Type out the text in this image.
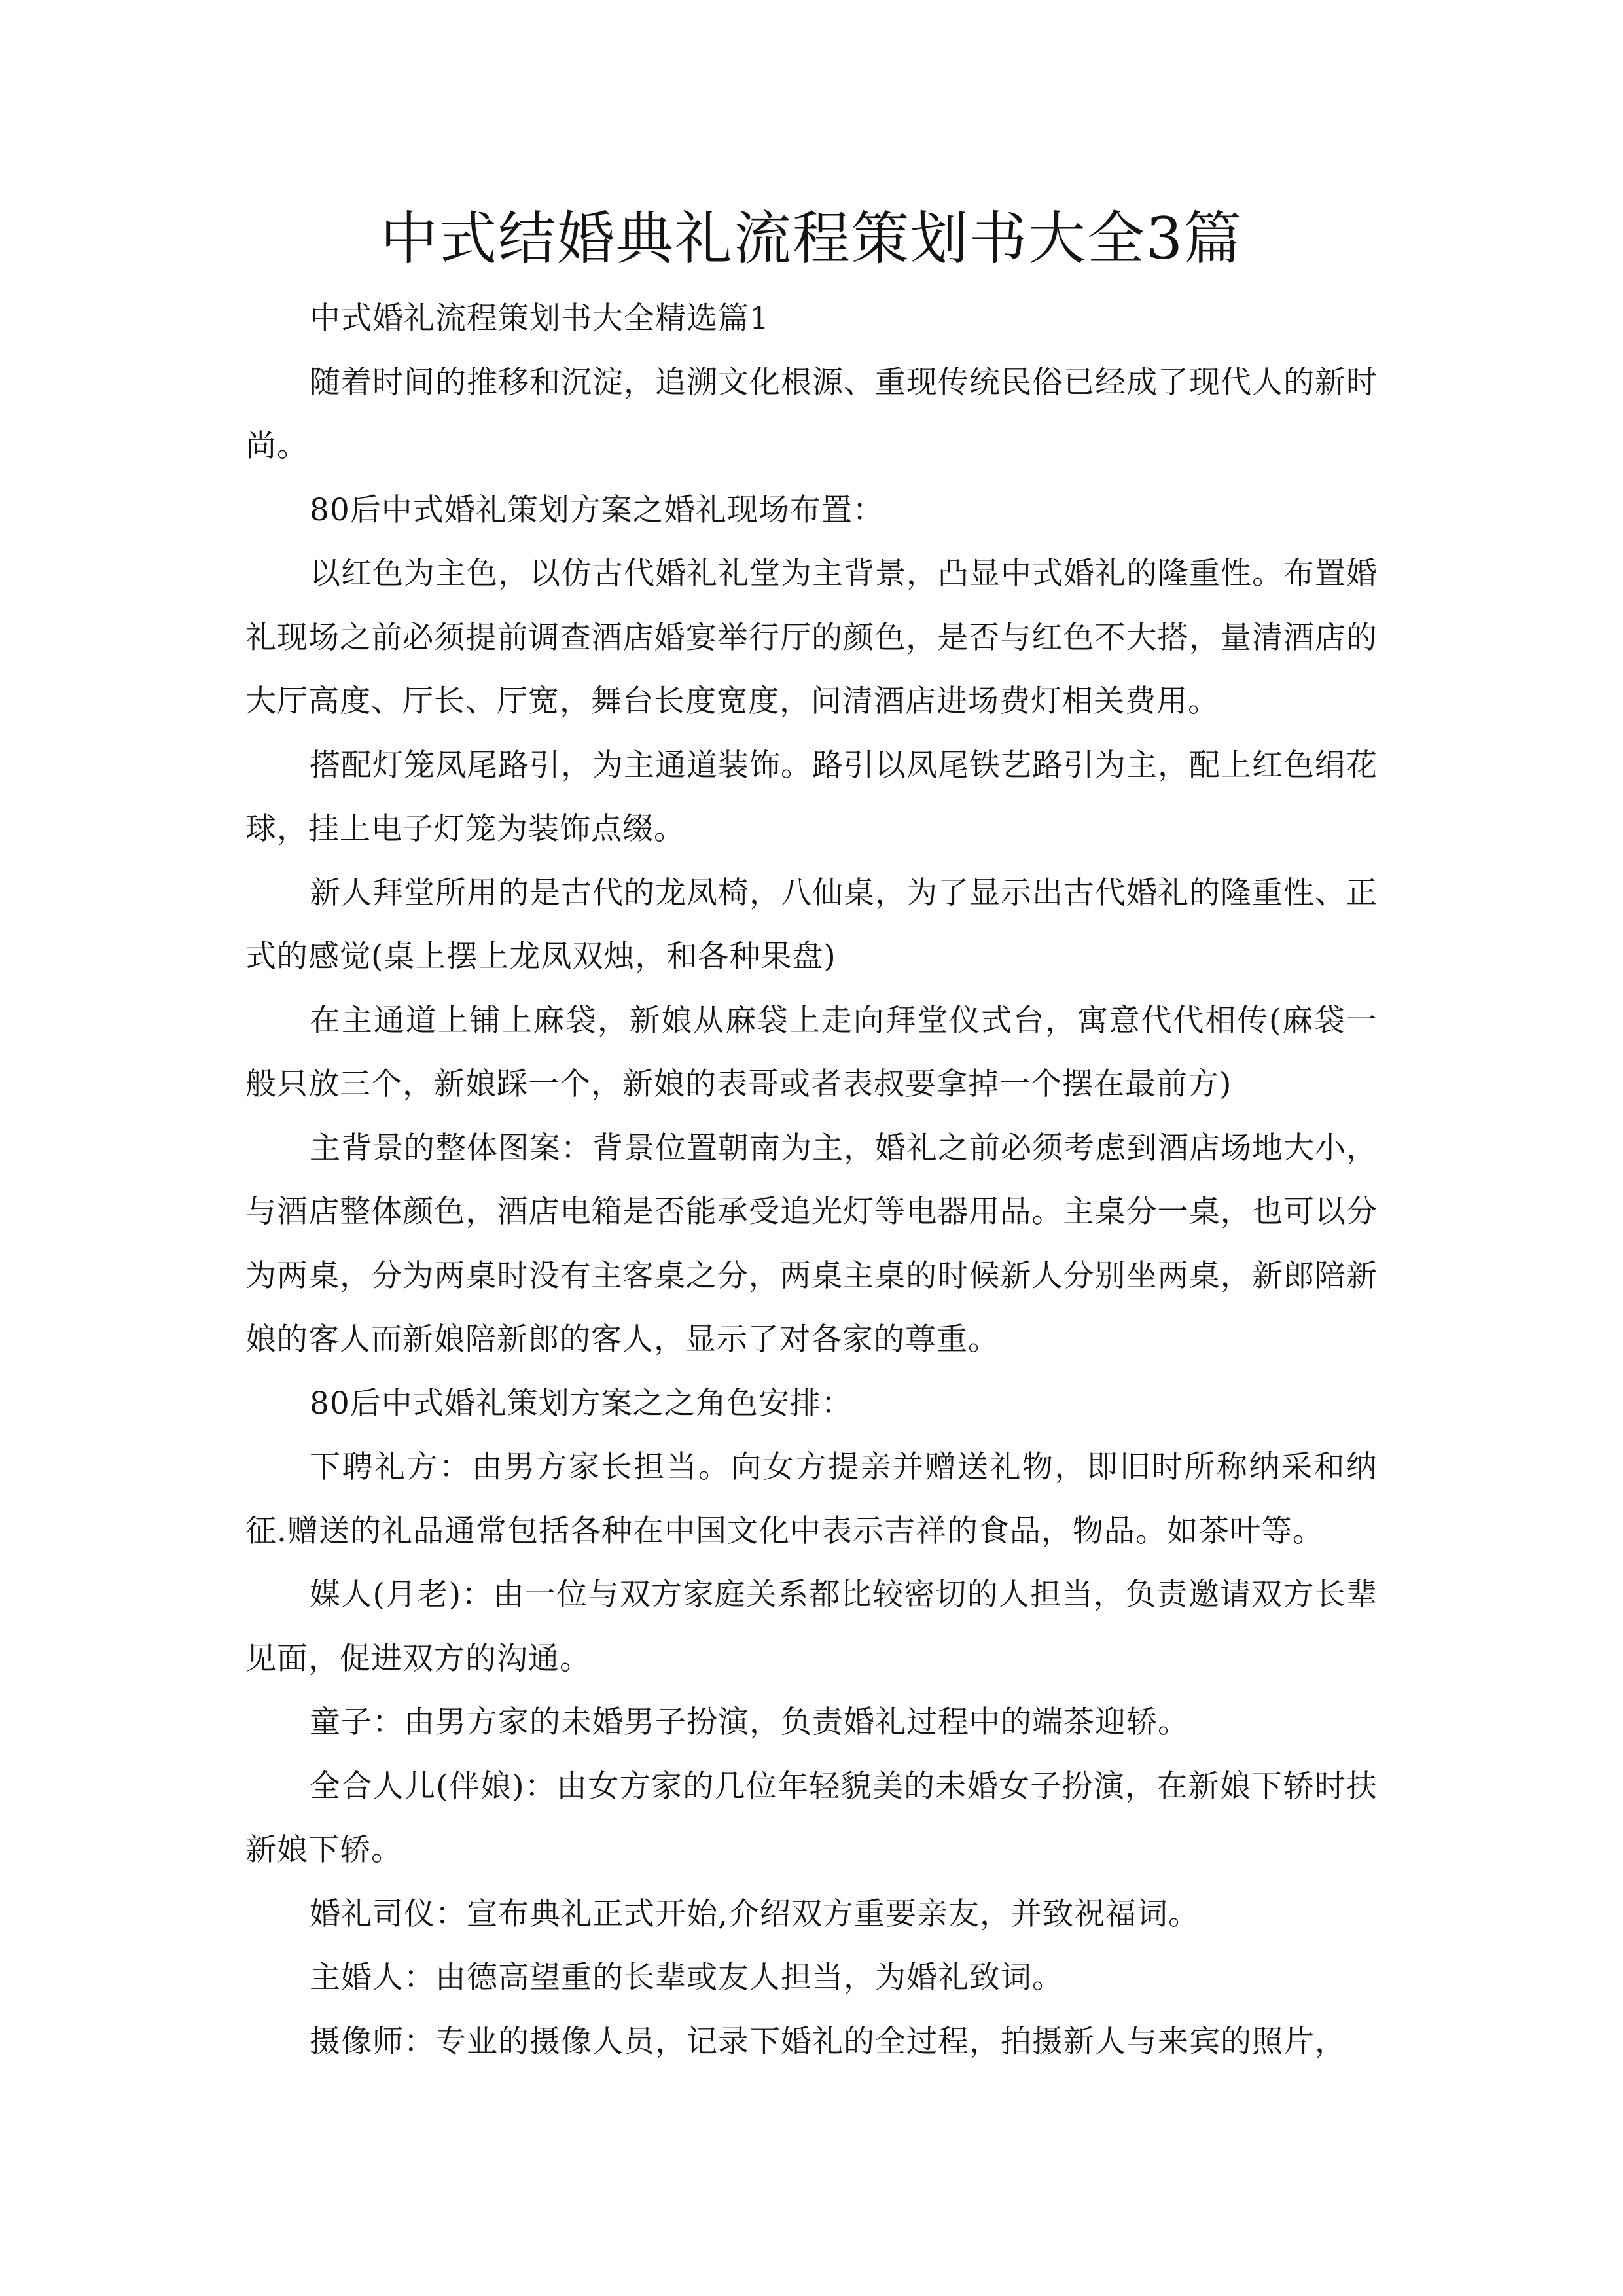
中式结婚典礼流程策划书大全3篇

中式婚礼流程策划书大全精选篇1

随着时间的推移和沉淀，追溯文化根源、重现传统民俗已经成了现代人的新时尚。

80后中式婚礼策划方案之婚礼现场布置：

以红色为主色，以仿古代婚礼礼堂为主背景，凸显中式婚礼的隆重性。布置婚礼现场之前必须提前调查酒店婚宴举行厅的颜色，是否与红色不大搭，量清酒店的大厅高度、厅长、厅宽，舞台长度宽度，问清酒店进场费灯相关费用。

搭配灯笼凤尾路引，为主通道装饰。路引以凤尾铁艺路引为主，配上红色绢花球，挂上电子灯笼为装饰点缀。

新人拜堂所用的是古代的龙凤椅，八仙桌，为了显示出古代婚礼的隆重性、正式的感觉(桌上摆上龙凤双烛，和各种果盘)

在主通道上铺上麻袋，新娘从麻袋上走向拜堂仪式台，寓意代代相传(麻袋一般只放三个，新娘踩一个，新娘的表哥或者表叔要拿掉一个摆在最前方)

主背景的整体图案：背景位置朝南为主，婚礼之前必须考虑到酒店场地大小，与酒店整体颜色，酒店电箱是否能承受追光灯等电器用品。主桌分一桌，也可以分为两桌，分为两桌时没有主客桌之分，两桌主桌的时候新人分别坐两桌，新郎陪新娘的客人而新娘陪新郎的客人，显示了对各家的尊重。

80后中式婚礼策划方案之之角色安排：

下聘礼方：由男方家长担当。向女方提亲并赠送礼物，即旧时所称纳采和纳征.赠送的礼品通常包括各种在中国文化中表示吉祥的食品，物品。如茶叶等。

媒人(月老)：由一位与双方家庭关系都比较密切的人担当，负责邀请双方长辈见面，促进双方的沟通。

童子：由男方家的未婚男子扮演，负责婚礼过程中的端茶迎轿。

全合人儿(伴娘)：由女方家的几位年轻貌美的未婚女子扮演，在新娘下轿时扶新娘下轿。

婚礼司仪：宣布典礼正式开始,介绍双方重要亲友，并致祝福词。

主婚人：由德高望重的长辈或友人担当，为婚礼致词。

摄像师：专业的摄像人员，记录下婚礼的全过程，拍摄新人与来宾的照片，
